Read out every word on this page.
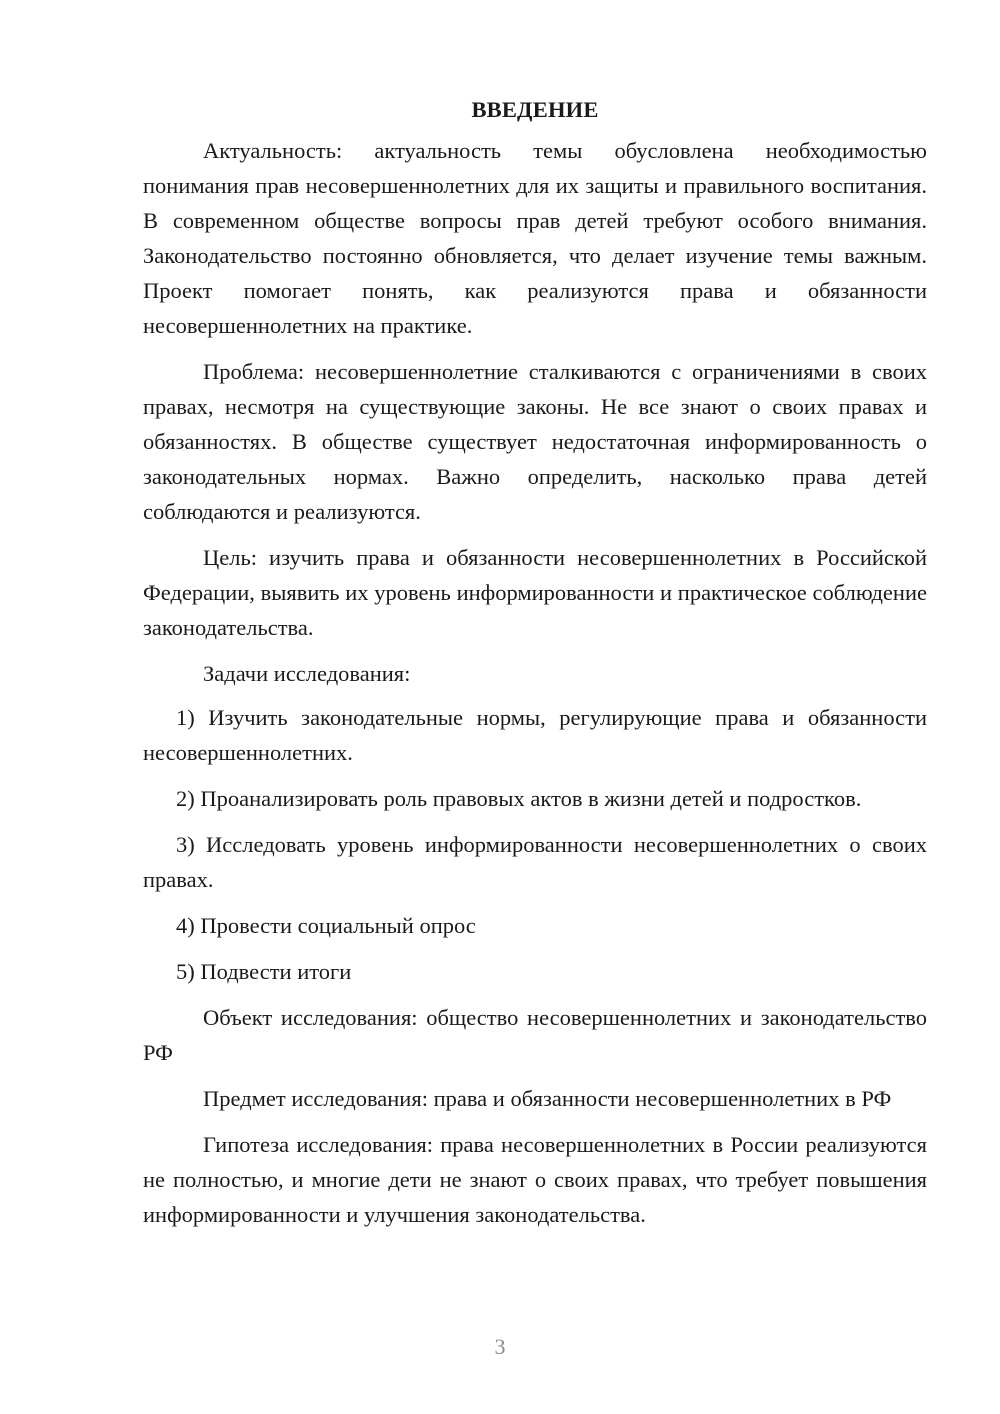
ВВЕДЕНИЕ

Актуальность: актуальность темы обусловлена необходимостью понимания прав несовершеннолетних для их защиты и правильного воспитания. В современном обществе вопросы прав детей требуют особого внимания. Законодательство постоянно обновляется, что делает изучение темы важным. Проект помогает понять, как реализуются права и обязанности несовершеннолетних на практике.

Проблема: несовершеннолетние сталкиваются с ограничениями в своих правах, несмотря на существующие законы. Не все знают о своих правах и обязанностях. В обществе существует недостаточная информированность о законодательных нормах. Важно определить, насколько права детей соблюдаются и реализуются.

Цель: изучить права и обязанности несовершеннолетних в Российской Федерации, выявить их уровень информированности и практическое соблюдение законодательства.

Задачи исследования:

1) Изучить законодательные нормы, регулирующие права и обязанности несовершеннолетних.

2) Проанализировать роль правовых актов в жизни детей и подростков.

3) Исследовать уровень информированности несовершеннолетних о своих правах.

4) Провести социальный опрос

5) Подвести итоги

Объект исследования: общество несовершеннолетних и законодательство РФ

Предмет исследования: права и обязанности несовершеннолетних в РФ

Гипотеза исследования: права несовершеннолетних в России реализуются не полностью, и многие дети не знают о своих правах, что требует повышения информированности и улучшения законодательства.

3
